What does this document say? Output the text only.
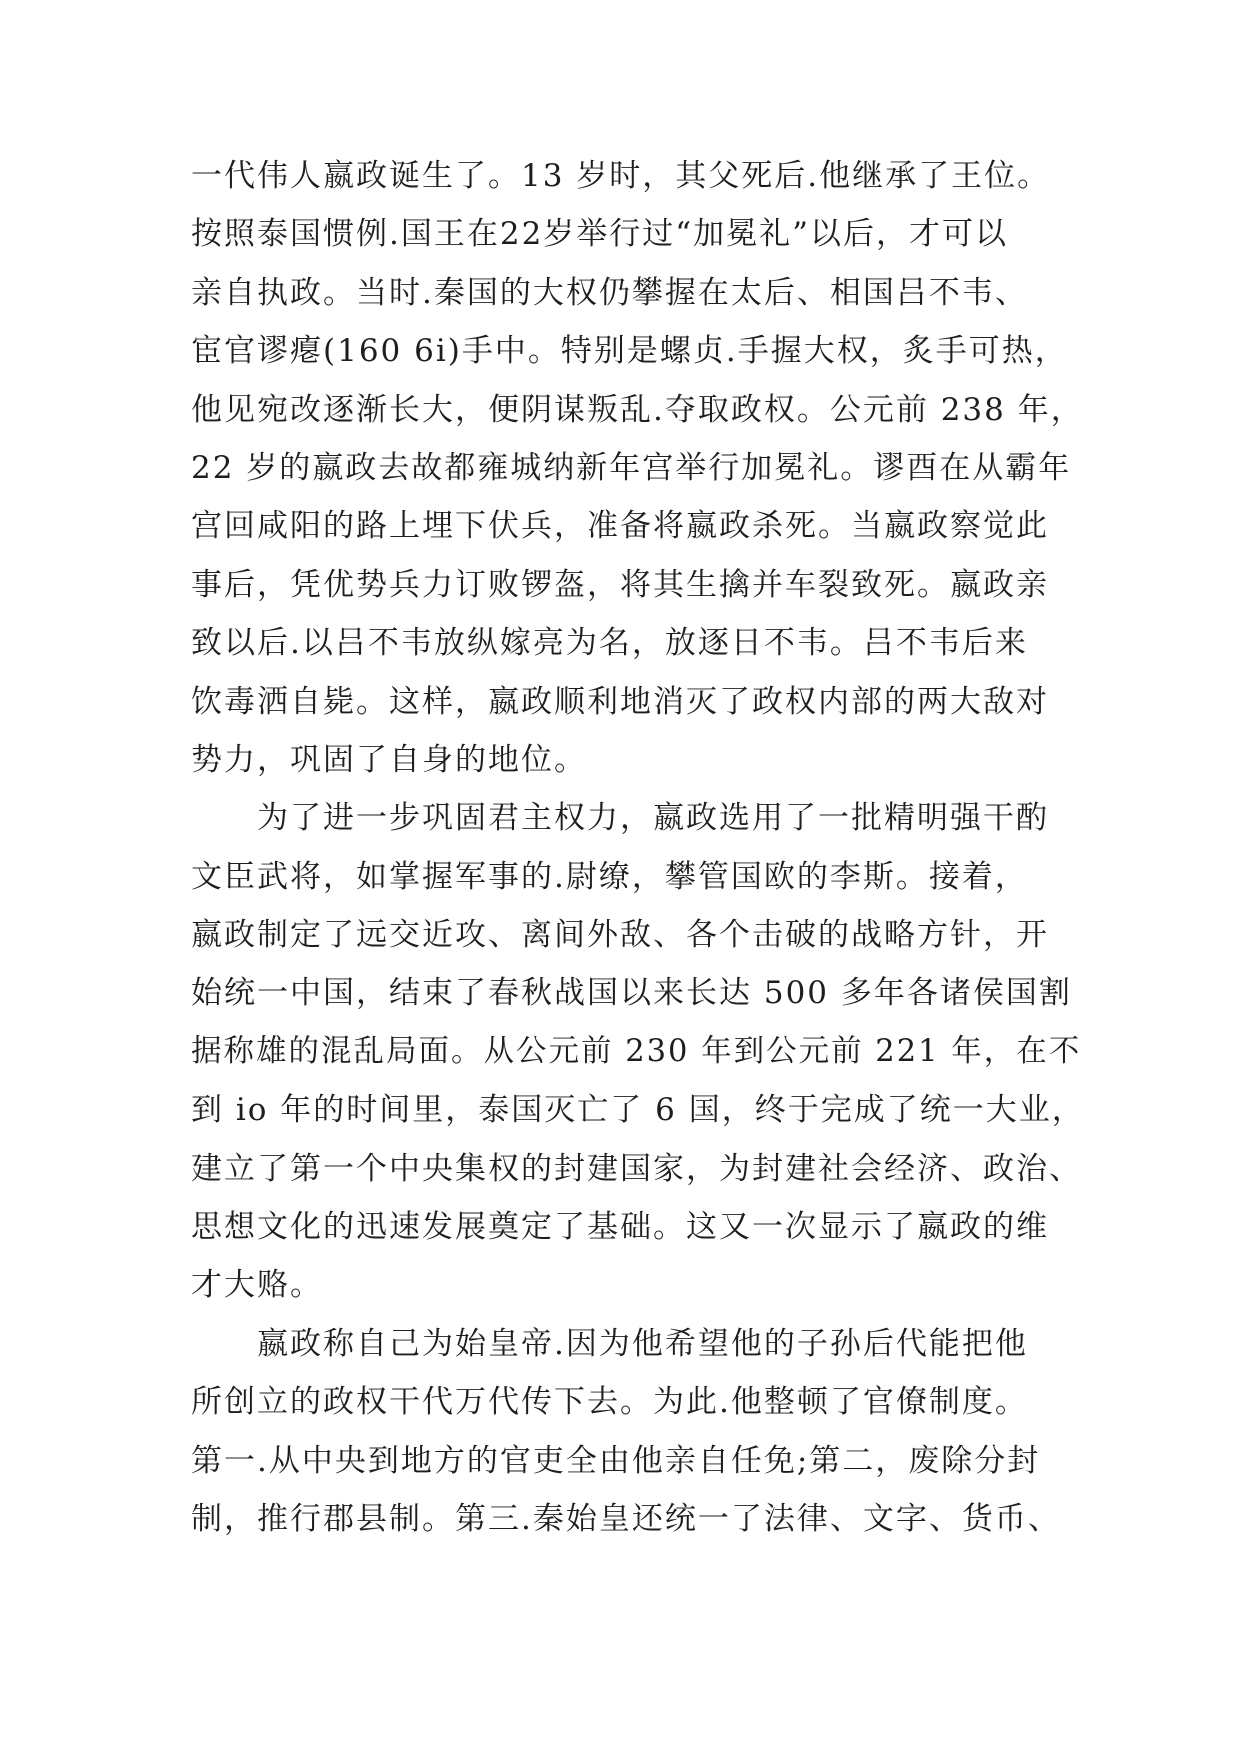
一代伟人嬴政诞生了。13 岁时，其父死后.他继承了王位。
按照泰国惯例.国王在22岁举行过“加冕礼”以后，才可以
亲自执政。当时.秦国的大权仍攀握在太后、相国吕不韦、
宦官谬瘪(160 6i)手中。特别是螺贞.手握大权，炙手可热，
他见宛改逐渐长大，便阴谋叛乱.夺取政权。公元前 238 年，
22 岁的嬴政去故都雍城纳新年宫举行加冕礼。谬酉在从霸年
宫回咸阳的路上埋下伏兵，准备将嬴政杀死。当嬴政察觉此
事后，凭优势兵力订败锣盔，将其生擒并车裂致死。嬴政亲
致以后.以吕不韦放纵嫁亮为名，放逐日不韦。吕不韦后来
饮毒洒自毙。这样，嬴政顺利地消灭了政权内部的两大敌对
势力，巩固了自身的地位。
为了进一步巩固君主权力，嬴政选用了一批精明强干酌
文臣武将，如掌握军事的.尉缭，攀管国欧的李斯。接着，
嬴政制定了远交近攻、离间外敌、各个击破的战略方针，开
始统一中国，结束了春秋战国以来长达 500 多年各诸侯国割
据称雄的混乱局面。从公元前 230 年到公元前 221 年，在不
到 io 年的时间里，泰国灭亡了 6 国，终于完成了统一大业，
建立了第一个中央集权的封建国家，为封建社会经济、政治、
思想文化的迅速发展奠定了基础。这又一次显示了嬴政的维
才大赂。
嬴政称自己为始皇帝.因为他希望他的子孙后代能把他
所创立的政权干代万代传下去。为此.他整顿了官僚制度。
第一.从中央到地方的官吏全由他亲自任免;第二，废除分封
制，推行郡县制。第三.秦始皇还统一了法律、文字、货币、
